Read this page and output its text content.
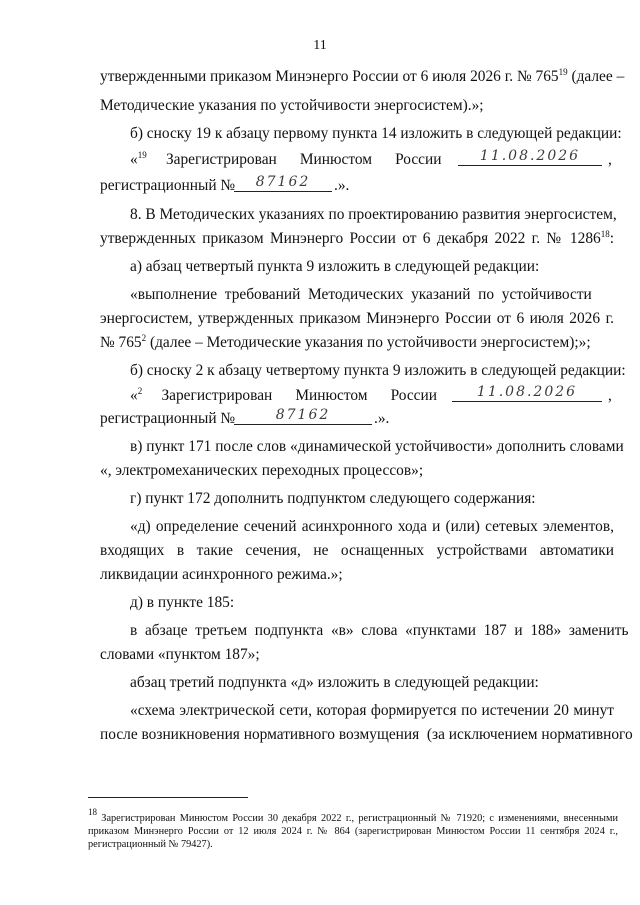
11
утвержденными приказом Минэнерго России от 6 июля 2026 г. № $765^{19}$ (далее –
Методические указания по устойчивости энергосистем).»;
б) сноску 19 к абзацу первому пункта 14 изложить в следующей редакции:
«$^{19}$     Зарегистрирован      Минюстом      России	11.08.2026	,
регистрационный №	87162	.».
8. В Методических указаниях по проектированию развития энергосистем,
утвержденных приказом Минэнерго России от 6 декабря 2022 г. № 1286$^{18}$:
а) абзац четвертый пункта 9 изложить в следующей редакции:
«выполнение  требований  Методических  указаний  по  устойчивости
энергосистем, утвержденных приказом Минэнерго России от 6 июля 2026 г.
№ $765^2$ (далее – Методические указания по устойчивости энергосистем);»;
б) сноску 2 к абзацу четвертому пункта 9 изложить в следующей редакции:
«$^2$     Зарегистрирован      Минюстом      России	11.08.2026	,
регистрационный №	87162	.».
в) пункт 171 после слов «динамической устойчивости» дополнить словами
«, электромеханических переходных процессов»;
г) пункт 172 дополнить подпунктом следующего содержания:
«д) определение сечений асинхронного хода и (или) сетевых элементов,
входящих  в  такие  сечения,  не  оснащенных  устройствами  автоматики
ликвидации асинхронного режима.»;
д) в пункте 185:
в  абзаце  третьем  подпункта  «в»  слова  «пунктами  187  и  188»  заменить
словами «пунктом 187»;
абзац третий подпункта «д» изложить в следующей редакции:
«схема электрической сети, которая формируется по истечении 20 минут
после возникновения нормативного возмущения  (за исключением нормативного
$^{18}$ Зарегистрирован Минюстом России 30 декабря 2022 г., регистрационный № 71920; с изменениями, внесенными
приказом Минэнерго России от 12 июля 2024 г. № 864 (зарегистрирован Минюстом России 11 сентября 2024 г.,
регистрационный № 79427).
